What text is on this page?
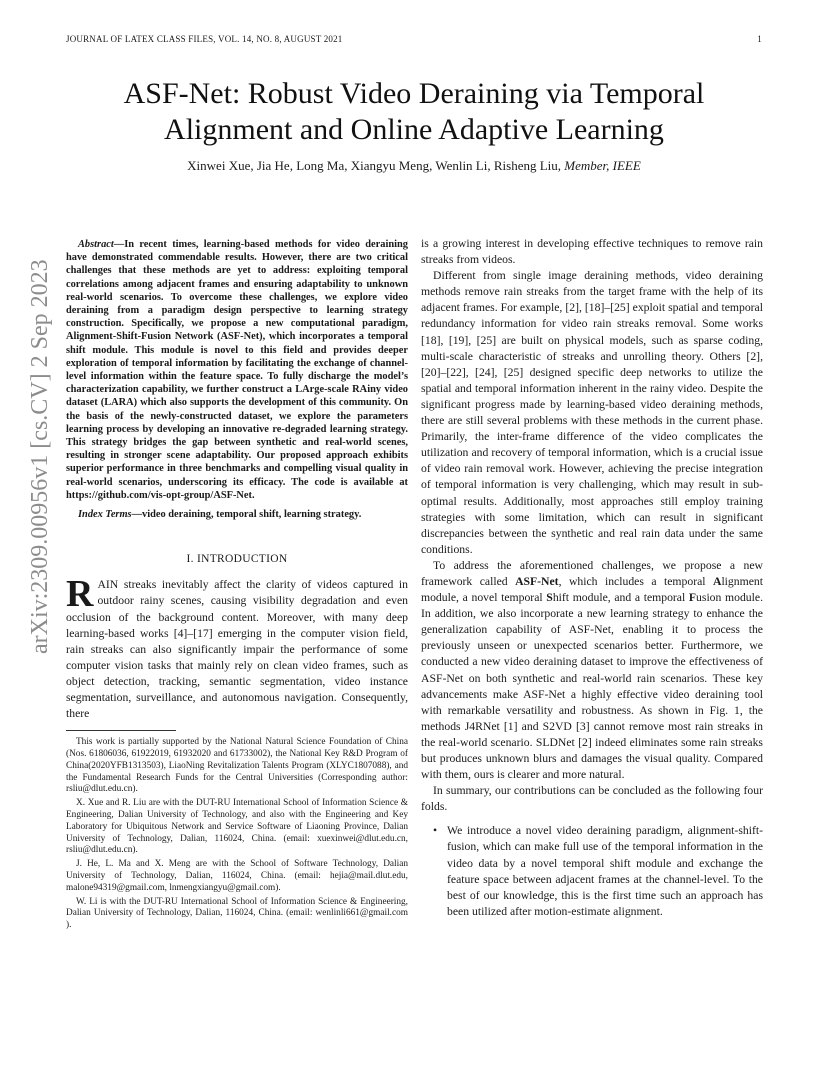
JOURNAL OF LATEX CLASS FILES, VOL. 14, NO. 8, AUGUST 2021	1
arXiv:2309.00956v1 [cs.CV] 2 Sep 2023
ASF-Net: Robust Video Deraining via Temporal Alignment and Online Adaptive Learning
Xinwei Xue, Jia He, Long Ma, Xiangyu Meng, Wenlin Li, Risheng Liu, Member, IEEE

Abstract—In recent times, learning-based methods for video deraining have demonstrated commendable results. However, there are two critical challenges that these methods are yet to address: exploiting temporal correlations among adjacent frames and ensuring adaptability to unknown real-world scenarios. To overcome these challenges, we explore video deraining from a paradigm design perspective to learning strategy construction. Specifically, we propose a new computational paradigm, Alignment-Shift-Fusion Network (ASF-Net), which incorporates a temporal shift module. This module is novel to this field and provides deeper exploration of temporal information by facilitating the exchange of channel-level information within the feature space. To fully discharge the model’s characterization capability, we further construct a LArge-scale RAiny video dataset (LARA) which also supports the development of this community. On the basis of the newly-constructed dataset, we explore the parameters learning process by developing an innovative re-degraded learning strategy. This strategy bridges the gap between synthetic and real-world scenes, resulting in stronger scene adaptability. Our proposed approach exhibits superior performance in three benchmarks and compelling visual quality in real-world scenarios, underscoring its efficacy. The code is available at https://github.com/vis-opt-group/ASF-Net.

Index Terms—video deraining, temporal shift, learning strategy.

I. INTRODUCTION

RAIN streaks inevitably affect the clarity of videos captured in outdoor rainy scenes, causing visibility degradation and even occlusion of the background content. Moreover, with many deep learning-based works [4]–[17] emerging in the computer vision field, rain streaks can also significantly impair the performance of some computer vision tasks that mainly rely on clean video frames, such as object detection, tracking, semantic segmentation, video instance segmentation, surveillance, and autonomous navigation. Consequently, there

This work is partially supported by the National Natural Science Foundation of China (Nos. 61806036, 61922019, 61932020 and 61733002), the National Key R&D Program of China(2020YFB1313503), LiaoNing Revitalization Talents Program (XLYC1807088), and the Fundamental Research Funds for the Central Universities (Corresponding author: rsliu@dlut.edu.cn).

X. Xue and R. Liu are with the DUT-RU International School of Information Science & Engineering, Dalian University of Technology, and also with the Engineering and Key Laboratory for Ubiquitous Network and Service Software of Liaoning Province, Dalian University of Technology, Dalian, 116024, China. (email: xuexinwei@dlut.edu.cn, rsliu@dlut.edu.cn).

J. He, L. Ma and X. Meng are with the School of Software Technology, Dalian University of Technology, Dalian, 116024, China. (email: hejia@mail.dlut.edu, malone94319@gmail.com, lnmengxiangyu@gmail.com).

W. Li is with the DUT-RU International School of Information Science & Engineering, Dalian University of Technology, Dalian, 116024, China. (email: wenlinli661@gmail.com ).

is a growing interest in developing effective techniques to remove rain streaks from videos.

Different from single image deraining methods, video deraining methods remove rain streaks from the target frame with the help of its adjacent frames. For example, [2], [18]–[25] exploit spatial and temporal redundancy information for video rain streaks removal. Some works [18], [19], [25] are built on physical models, such as sparse coding, multi-scale characteristic of streaks and unrolling theory. Others [2], [20]–[22], [24], [25] designed specific deep networks to utilize the spatial and temporal information inherent in the rainy video. Despite the significant progress made by learning-based video deraining methods, there are still several problems with these methods in the current phase. Primarily, the inter-frame difference of the video complicates the utilization and recovery of temporal information, which is a crucial issue of video rain removal work. However, achieving the precise integration of temporal information is very challenging, which may result in sub-optimal results. Additionally, most approaches still employ training strategies with some limitation, which can result in significant discrepancies between the synthetic and real rain data under the same conditions.

To address the aforementioned challenges, we propose a new framework called ASF-Net, which includes a temporal Alignment module, a novel temporal Shift module, and a temporal Fusion module. In addition, we also incorporate a new learning strategy to enhance the generalization capability of ASF-Net, enabling it to process the previously unseen or unexpected scenarios better. Furthermore, we conducted a new video deraining dataset to improve the effectiveness of ASF-Net on both synthetic and real-world rain scenarios. These key advancements make ASF-Net a highly effective video deraining tool with remarkable versatility and robustness. As shown in Fig. 1, the methods J4RNet [1] and S2VD [3] cannot remove most rain streaks in the real-world scenario. SLDNet [2] indeed eliminates some rain streaks but produces unknown blurs and damages the visual quality. Compared with them, ours is clearer and more natural.

In summary, our contributions can be concluded as the following four folds.

• We introduce a novel video deraining paradigm, alignment-shift-fusion, which can make full use of the temporal information in the video data by a novel temporal shift module and exchange the feature space between adjacent frames at the channel-level. To the best of our knowledge, this is the first time such an approach has been utilized after motion-estimate alignment.
